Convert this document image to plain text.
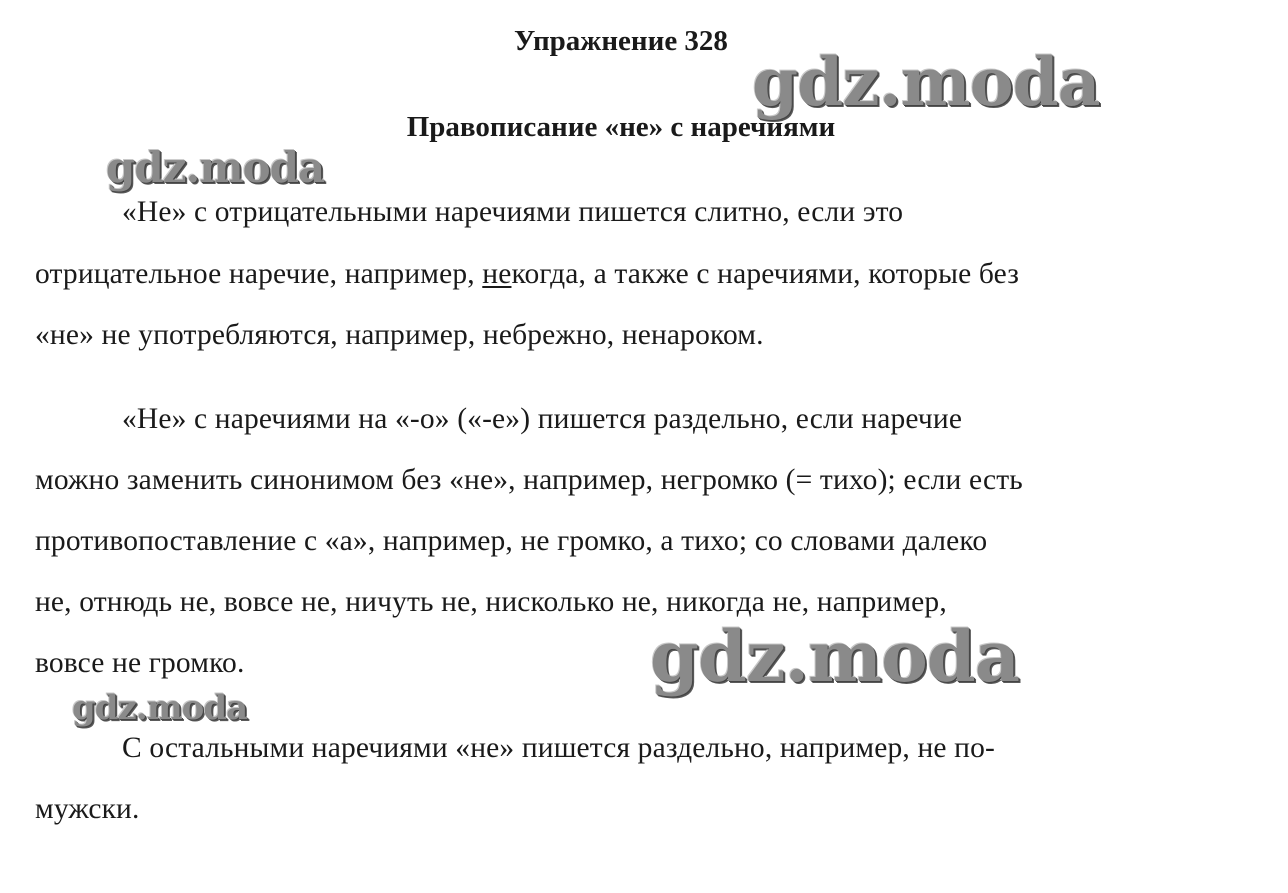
Упражнение 328
Правописание «не» с наречиями
«Не» с отрицательными наречиями пишется слитно, если это
отрицательное наречие, например, некогда, а также с наречиями, которые без
«не» не употребляются, например, небрежно, ненароком.
«Не» с наречиями на «-о» («-е») пишется раздельно, если наречие
можно заменить синонимом без «не», например, негромко (= тихо); если есть
противопоставление с «а», например, не громко, а тихо; со словами далеко
не, отнюдь не, вовсе не, ничуть не, нисколько не, никогда не, например,
вовсе не громко.
С остальными наречиями «не» пишется раздельно, например, не по-
мужски.
gdz.moda
gdz.moda
gdz.moda
gdz.moda
